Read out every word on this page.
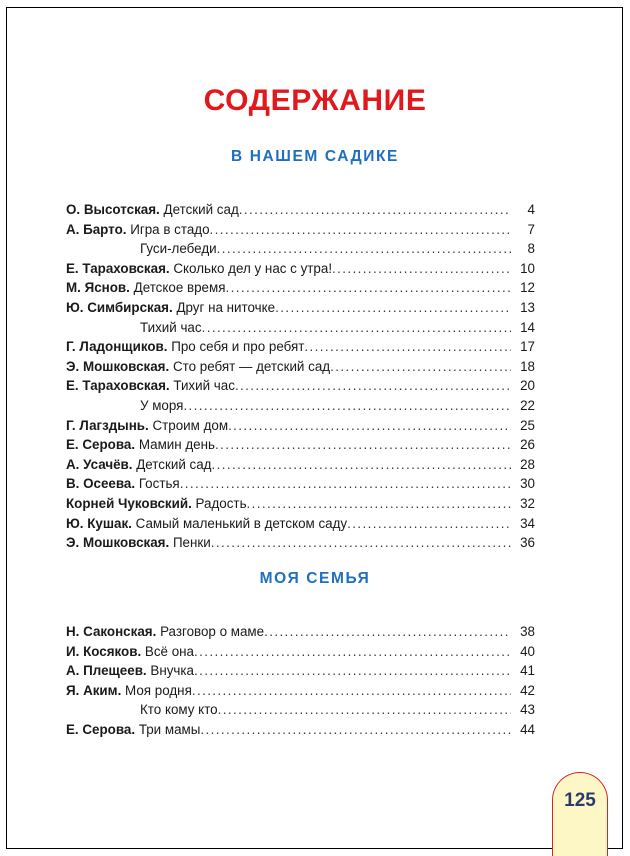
СОДЕРЖАНИЕ
В НАШЕМ САДИКЕ
О. Высотская. Детский сад .....	4
А. Барто. Игра в стадо .....	7
Гуси-лебеди .....	8
Е. Тараховская. Сколько дел у нас с утра! .....	10
М. Яснов. Детское время .....	12
Ю. Симбирская. Друг на ниточке .....	13
Тихий час .....	14
Г. Ладонщиков. Про себя и про ребят .....	17
Э. Мошковская. Сто ребят — детский сад .....	18
Е. Тараховская. Тихий час .....	20
У моря .....	22
Г. Лагздынь. Строим дом .....	25
Е. Серова. Мамин день .....	26
А. Усачёв. Детский сад .....	28
В. Осеева. Гостья .....	30
Корней Чуковский. Радость .....	32
Ю. Кушак. Самый маленький в детском саду .....	34
Э. Мошковская. Пенки .....	36
МОЯ СЕМЬЯ
Н. Саконская. Разговор о маме .....	38
И. Косяков. Всё она .....	40
А. Плещеев. Внучка .....	41
Я. Аким. Моя родня .....	42
Кто кому кто .....	43
Е. Серова. Три мамы .....	44
125
